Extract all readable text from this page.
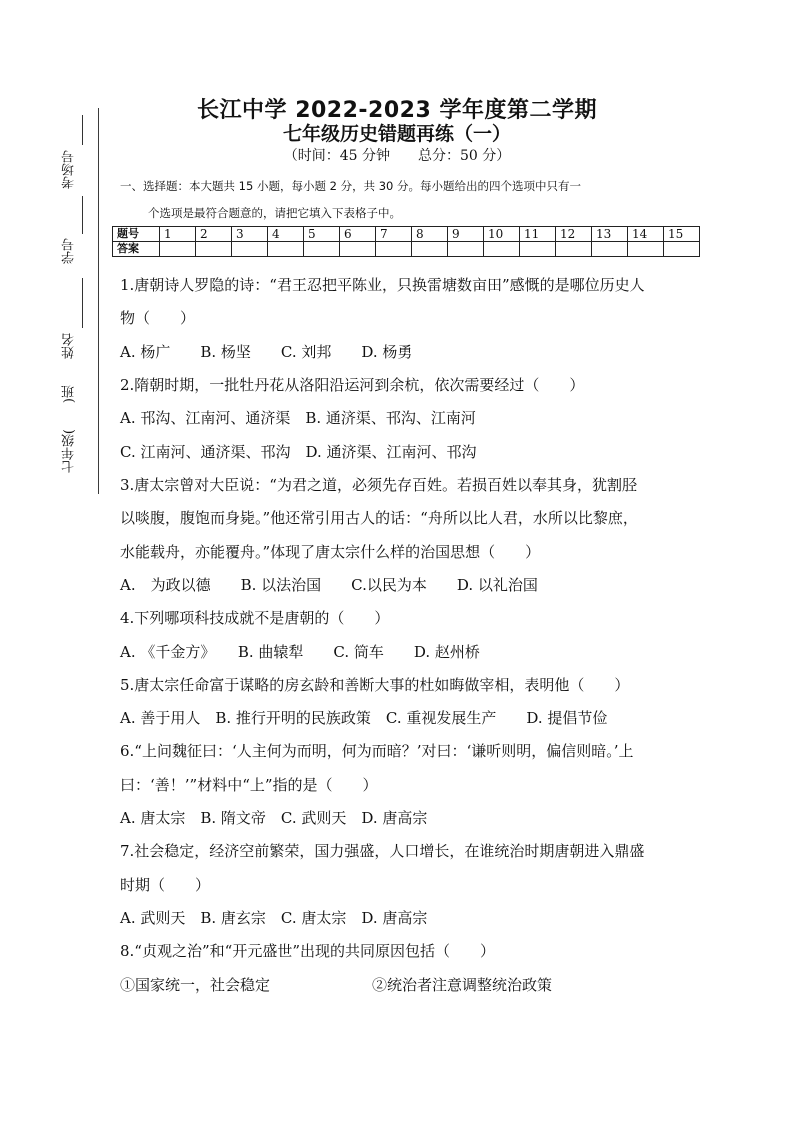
考场号
学号
姓名
七年级(　　)班
长江中学 2022-2023 学年度第二学期
七年级历史错题再练（一）
（时间：45 分钟　　总分：50 分）
一、选择题：本大题共 15 小题，每小题 2 分，共 30 分。每小题给出的四个选项中只有一
个选项是最符合题意的，请把它填入下表格子中。
题号	1	2	3	4	5	6	7	8	9	10	11	12	13	14	15
答案															
1.唐朝诗人罗隐的诗：“君王忍把平陈业，只换雷塘数亩田”感慨的是哪位历史人
物（　　）
A. 杨广　　B. 杨坚　　C. 刘邦　　D. 杨勇
2.隋朝时期，一批牡丹花从洛阳沿运河到余杭，依次需要经过（　　）
A. 邗沟、江南河、通济渠　B. 通济渠、邗沟、江南河
C. 江南河、通济渠、邗沟　D. 通济渠、江南河、邗沟
3.唐太宗曾对大臣说：“为君之道，必须先存百姓。若损百姓以奉其身，犹割胫
以啖腹，腹饱而身毙。”他还常引用古人的话：“舟所以比人君，水所以比黎庶，
水能载舟，亦能覆舟。”体现了唐太宗什么样的治国思想（　　）
A.　为政以德　　B. 以法治国　　C.以民为本　　D. 以礼治国
4.下列哪项科技成就不是唐朝的（　　）
A. 《千金方》　　B. 曲辕犁　　C. 筒车　　D. 赵州桥
5.唐太宗任命富于谋略的房玄龄和善断大事的杜如晦做宰相，表明他（　　）
A. 善于用人　B. 推行开明的民族政策　C. 重视发展生产　　D. 提倡节俭
6.“上问魏征曰：‘人主何为而明，何为而暗？’对曰：‘谦听则明，偏信则暗。’上
曰：‘善！’”材料中“上”指的是（　　）
A. 唐太宗　B. 隋文帝　C. 武则天　D. 唐高宗
7.社会稳定，经济空前繁荣，国力强盛，人口增长，在谁统治时期唐朝进入鼎盛
时期（　　）
A. 武则天　B. 唐玄宗　C. 唐太宗　D. 唐高宗
8.“贞观之治”和“开元盛世”出现的共同原因包括（　　）
①国家统一，社会稳定	②统治者注意调整统治政策
